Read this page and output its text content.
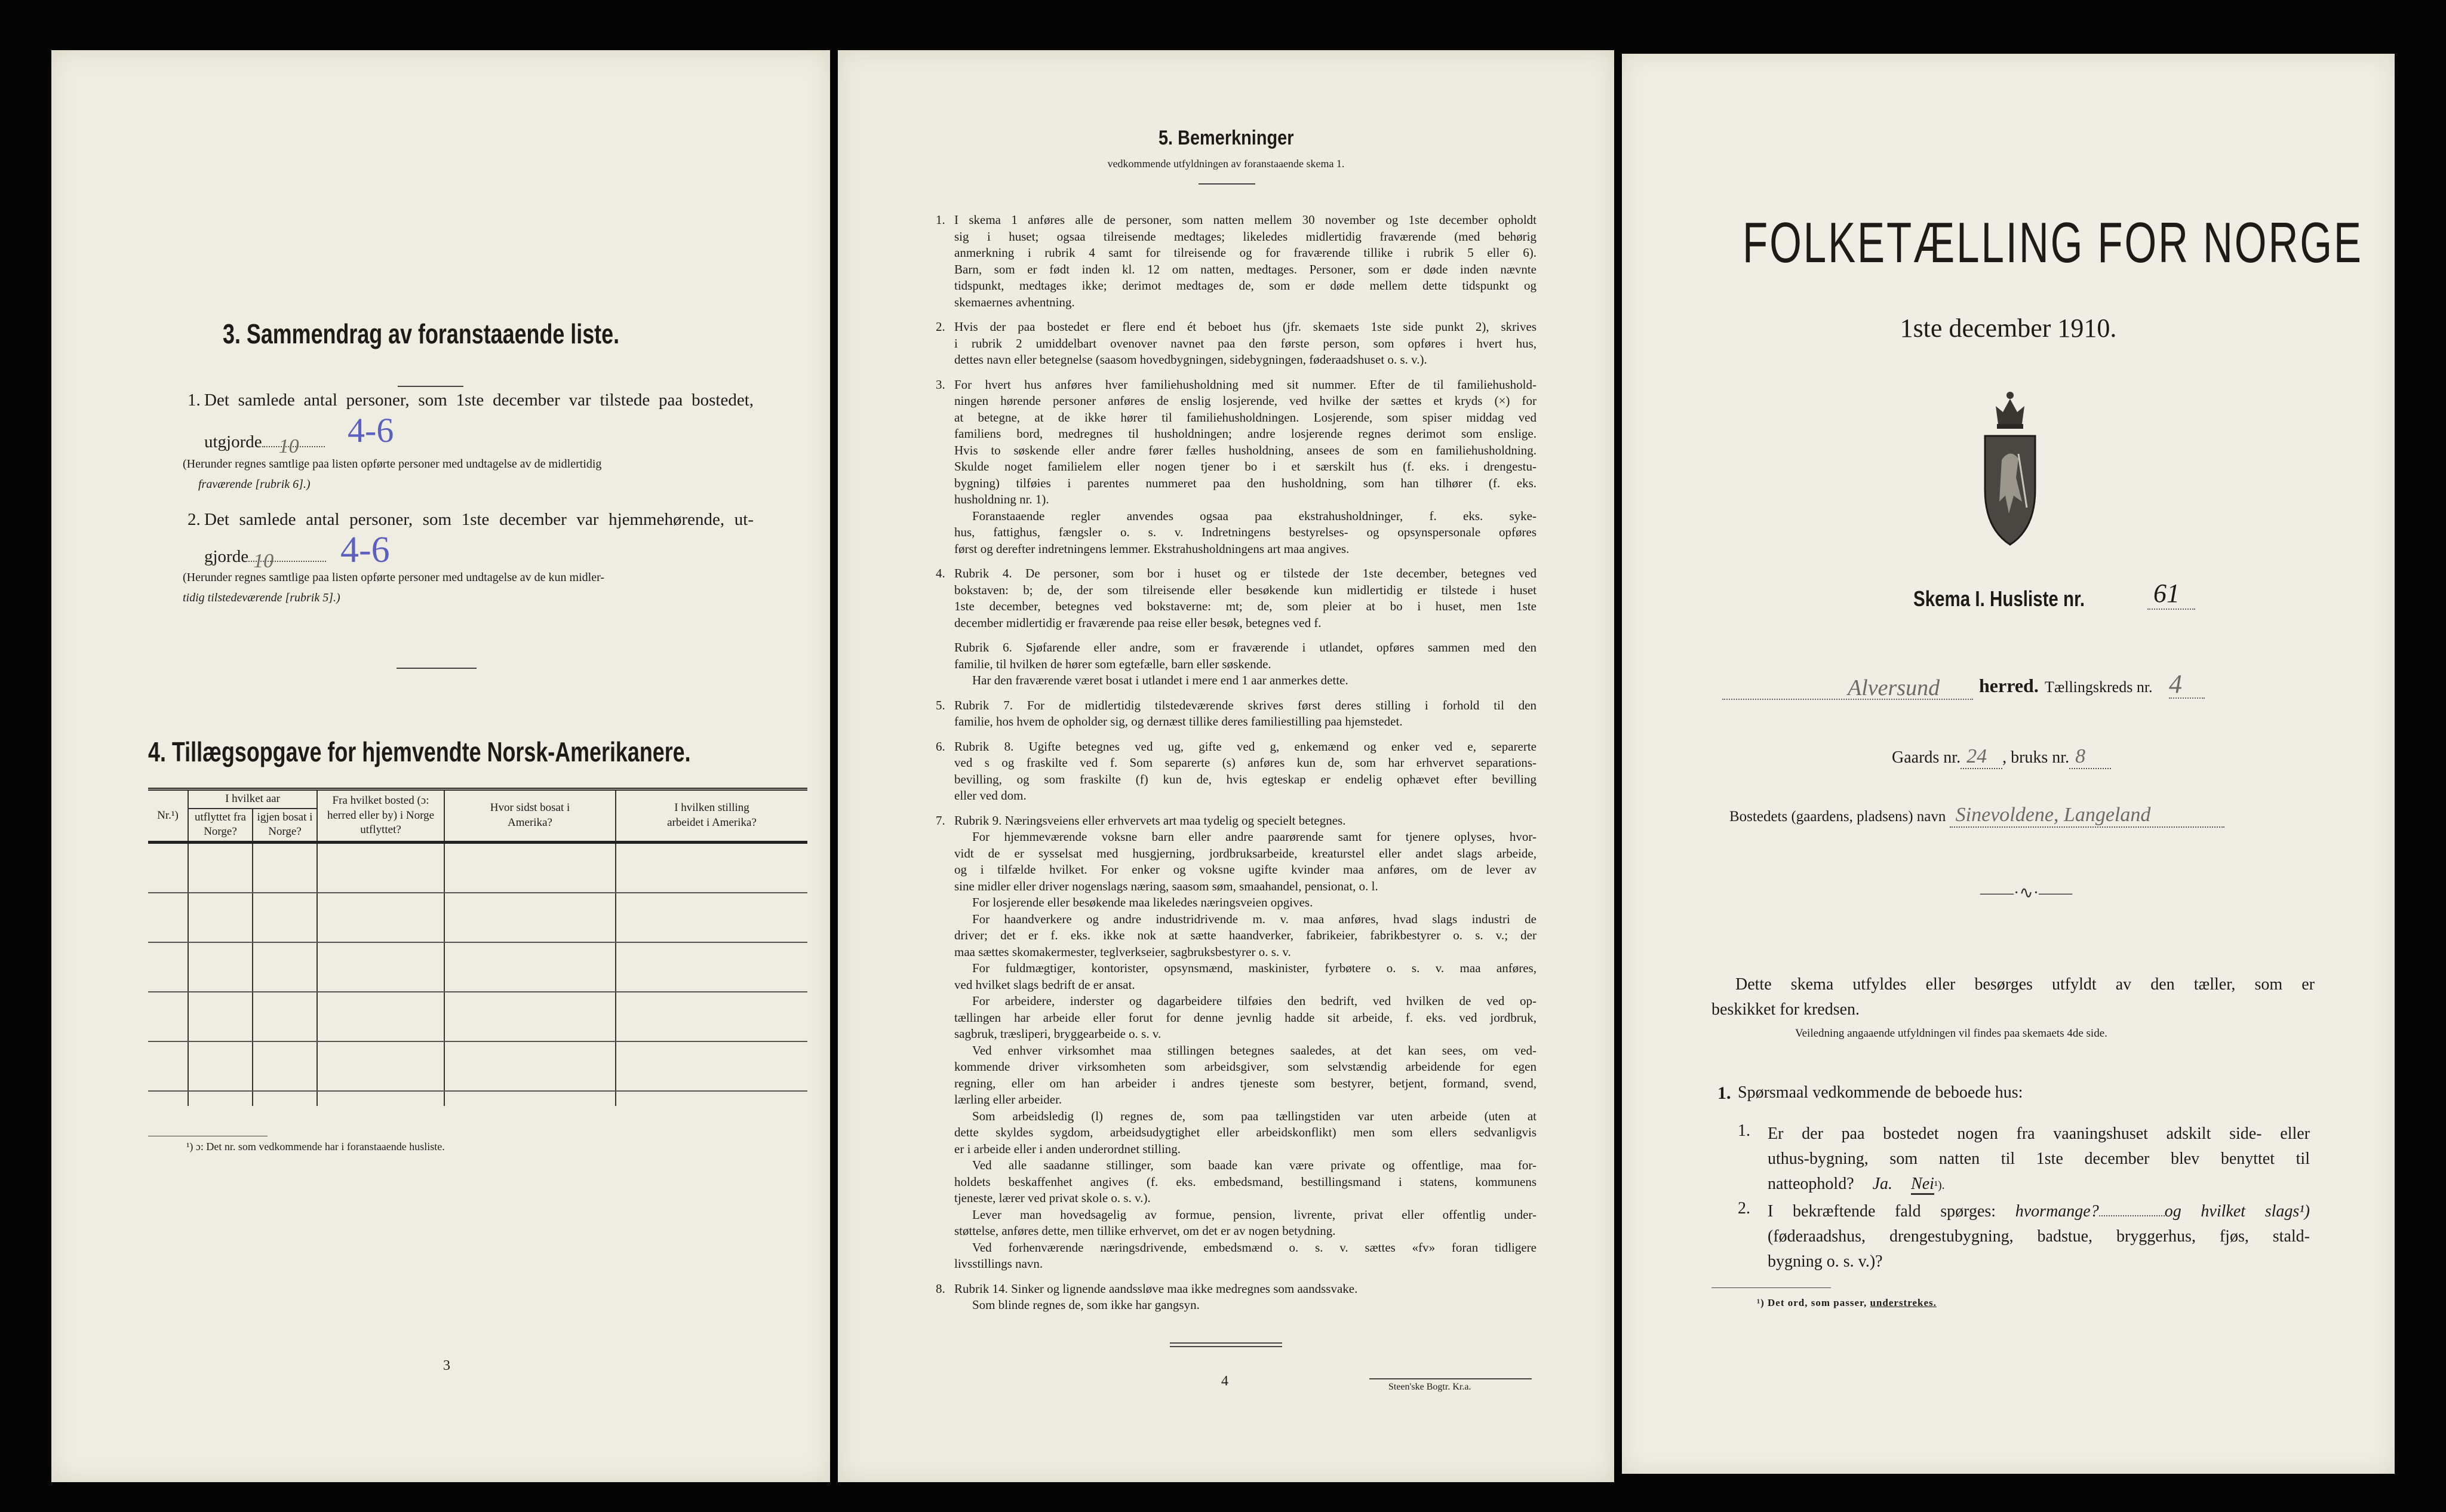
3. Sammendrag av foranstaaende liste.
1. Det samlede antal personer, som 1ste december var tilstede paa bostedet,
utgjorde 10 4-6
(Herunder regnes samtlige paa listen opførte personer med undtagelse av de midlertidig
fraværende [rubrik 6].)
2. Det samlede antal personer, som 1ste december var hjemmehørende, ut-
gjorde 10 4-6
(Herunder regnes samtlige paa listen opførte personer med undtagelse av de kun midler-
tidig tilstedeværende [rubrik 5].)
4. Tillægsopgave for hjemvendte Norsk-Amerikanere.
Nr.¹)	I hvilket aar		Fra hvilket bosted (ɔ: herred eller by) i Norge utflyttet?	Hvor sidst bosat i Amerika?	I hvilken stilling arbeidet i Amerika?
	utflyttet fra Norge?	igjen bosat i Norge?			

¹) ɔ: Det nr. som vedkommende har i foranstaaende husliste.
3
5. Bemerkninger
vedkommende utfyldningen av foranstaaende skema 1.
1. I skema 1 anføres alle de personer, som natten mellem 30 november og 1ste december opholdt
sig i huset; ogsaa tilreisende medtages; likeledes midlertidig fraværende (med behørig
anmerkning i rubrik 4 samt for tilreisende og for fraværende tillike i rubrik 5 eller 6).
Barn, som er født inden kl. 12 om natten, medtages. Personer, som er døde inden nævnte
tidspunkt, medtages ikke; derimot medtages de, som er døde mellem dette tidspunkt og
skemaernes avhentning.
2. Hvis der paa bostedet er flere end ét beboet hus (jfr. skemaets 1ste side punkt 2), skrives
i rubrik 2 umiddelbart ovenover navnet paa den første person, som opføres i hvert hus,
dettes navn eller betegnelse (saasom hovedbygningen, sidebygningen, føderaadshuset o. s. v.).
3. For hvert hus anføres hver familiehusholdning med sit nummer. Efter de til familiehushold-
ningen hørende personer anføres de enslig losjerende, ved hvilke der sættes et kryds (×) for
at betegne, at de ikke hører til familiehusholdningen. Losjerende, som spiser middag ved
familiens bord, medregnes til husholdningen; andre losjerende regnes derimot som enslige.
Hvis to søskende eller andre fører fælles husholdning, ansees de som en familiehusholdning.
Skulde noget familielem eller nogen tjener bo i et særskilt hus (f. eks. i drengestu-
bygning) tilføies i parentes nummeret paa den husholdning, som han tilhører (f. eks.
husholdning nr. 1).
Foranstaaende regler anvendes ogsaa paa ekstrahusholdninger, f. eks. syke-
hus, fattighus, fængsler o. s. v. Indretningens bestyrelses- og opsynspersonale opføres
først og derefter indretningens lemmer. Ekstrahusholdningens art maa angives.
4. Rubrik 4. De personer, som bor i huset og er tilstede der 1ste december, betegnes ved
bokstaven: b; de, der som tilreisende eller besøkende kun midlertidig er tilstede i huset
1ste december, betegnes ved bokstaverne: mt; de, som pleier at bo i huset, men 1ste
december midlertidig er fraværende paa reise eller besøk, betegnes ved f.
Rubrik 6. Sjøfarende eller andre, som er fraværende i utlandet, opføres sammen med den
familie, til hvilken de hører som egtefælle, barn eller søskende.
Har den fraværende været bosat i utlandet i mere end 1 aar anmerkes dette.
5. Rubrik 7. For de midlertidig tilstedeværende skrives først deres stilling i forhold til den
familie, hos hvem de opholder sig, og dernæst tillike deres familiestilling paa hjemstedet.
6. Rubrik 8. Ugifte betegnes ved ug, gifte ved g, enkemænd og enker ved e, separerte
ved s og fraskilte ved f. Som separerte (s) anføres kun de, som har erhvervet separations-
bevilling, og som fraskilte (f) kun de, hvis egteskap er endelig ophævet efter bevilling
eller ved dom.
7. Rubrik 9. Næringsveiens eller erhvervets art maa tydelig og specielt betegnes.
For hjemmeværende voksne barn eller andre paarørende samt for tjenere oplyses, hvor-
vidt de er sysselsat med husgjerning, jordbruksarbeide, kreaturstel eller andet slags arbeide,
og i tilfælde hvilket. For enker og voksne ugifte kvinder maa anføres, om de lever av
sine midler eller driver nogenslags næring, saasom søm, smaahandel, pensionat, o. l.
For losjerende eller besøkende maa likeledes næringsveien opgives.
For haandverkere og andre industridrivende m. v. maa anføres, hvad slags industri de
driver; det er f. eks. ikke nok at sætte haandverker, fabrikeier, fabrikbestyrer o. s. v.; der
maa sættes skomakermester, teglverkseier, sagbruksbestyrer o. s. v.
For fuldmægtiger, kontorister, opsynsmænd, maskinister, fyrbøtere o. s. v. maa anføres,
ved hvilket slags bedrift de er ansat.
For arbeidere, inderster og dagarbeidere tilføies den bedrift, ved hvilken de ved op-
tællingen har arbeide eller forut for denne jevnlig hadde sit arbeide, f. eks. ved jordbruk,
sagbruk, træsliperi, bryggearbeide o. s. v.
Ved enhver virksomhet maa stillingen betegnes saaledes, at det kan sees, om ved-
kommende driver virksomheten som arbeidsgiver, som selvstændig arbeidende for egen
regning, eller om han arbeider i andres tjeneste som bestyrer, betjent, formand, svend,
lærling eller arbeider.
Som arbeidsledig (l) regnes de, som paa tællingstiden var uten arbeide (uten at
dette skyldes sygdom, arbeidsudygtighet eller arbeidskonflikt) men som ellers sedvanligvis
er i arbeide eller i anden underordnet stilling.
Ved alle saadanne stillinger, som baade kan være private og offentlige, maa for-
holdets beskaffenhet angives (f. eks. embedsmand, bestillingsmand i statens, kommunens
tjeneste, lærer ved privat skole o. s. v.).
Lever man hovedsagelig av formue, pension, livrente, privat eller offentlig under-
støttelse, anføres dette, men tillike erhvervet, om det er av nogen betydning.
Ved forhenværende næringsdrivende, embedsmænd o. s. v. sættes «fv» foran tidligere
livsstillings navn.
8. Rubrik 14. Sinker og lignende aandssløve maa ikke medregnes som aandssvake.
Som blinde regnes de, som ikke har gangsyn.
4	Steen'ske Bogtr. Kr.a.
FOLKETÆLLING FOR NORGE
1ste december 1910.
Skema I. Husliste nr.	61
Alversund	herred. Tællingskreds nr. 4
Gaards nr. 24 , bruks nr. 8
Bostedets (gaardens, pladsens) navn Sinevoldene, Langeland
——·∿·——
Dette skema utfyldes eller besørges utfyldt av den tæller, som er
beskikket for kredsen.
Veiledning angaaende utfyldningen vil findes paa skemaets 4de side.
1. Spørsmaal vedkommende de beboede hus:
1. Er der paa bostedet nogen fra vaaningshuset adskilt side- eller
uthus-bygning, som natten til 1ste december blev benyttet til
natteophold? Ja. Nei¹).
2. I bekræftende fald spørges: hvormange?	og hvilket slags¹)
(føderaadshus, drengestubygning, badstue, bryggerhus, fjøs, stald-
bygning o. s. v.)?
¹) Det ord, som passer, understrekes.
